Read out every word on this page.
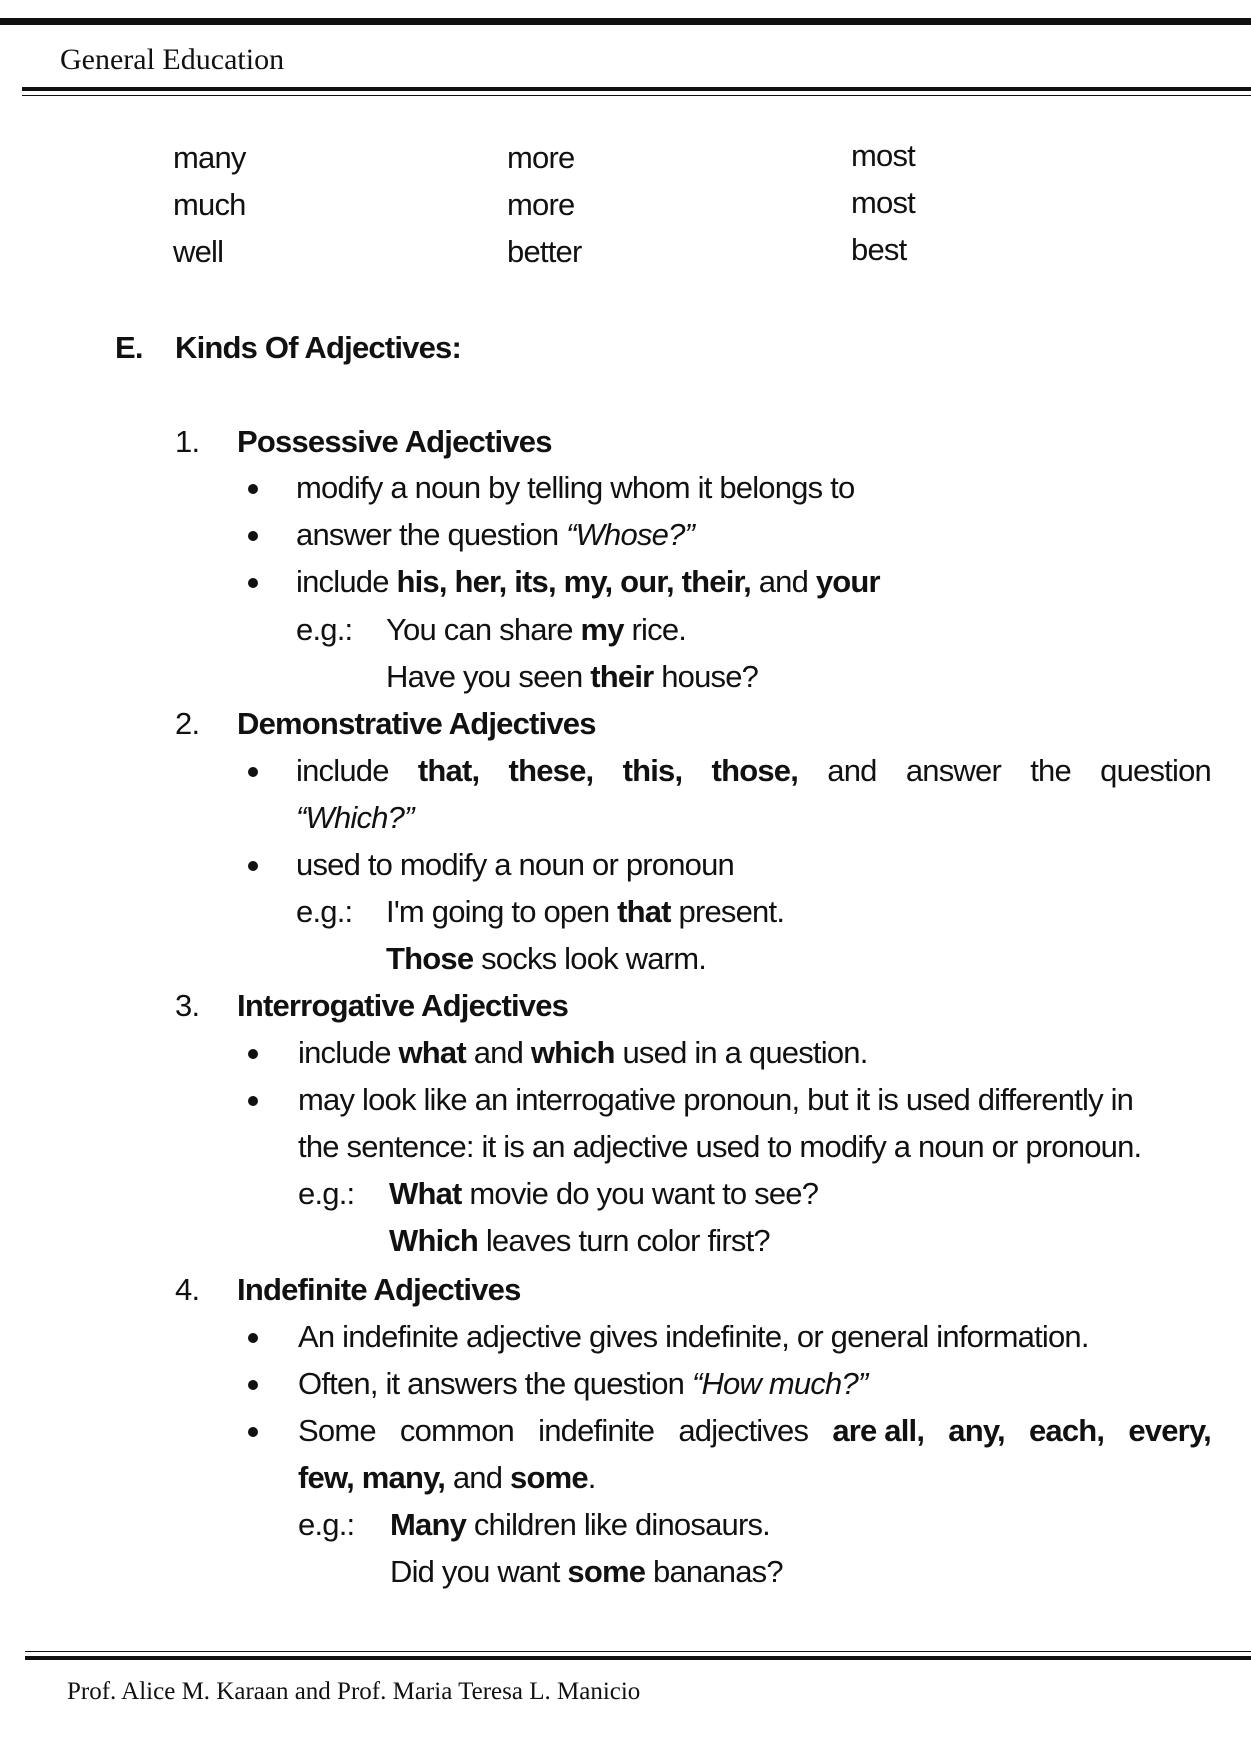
General Education
many	more	most
much	more	most
well	better	best
E. Kinds Of Adjectives:
1. Possessive Adjectives
modify a noun by telling whom it belongs to
answer the question “Whose?”
include his, her, its, my, our, their, and your
e.g.: You can share my rice.
Have you seen their house?
2. Demonstrative Adjectives
include that, these, this, those, and answer the question
“Which?”
used to modify a noun or pronoun
e.g.: I'm going to open that present.
Those socks look warm.
3. Interrogative Adjectives
include what and which used in a question.
may look like an interrogative pronoun, but it is used differently in
the sentence: it is an adjective used to modify a noun or pronoun.
e.g.: What movie do you want to see?
Which leaves turn color first?
4. Indefinite Adjectives
An indefinite adjective gives indefinite, or general information.
Often, it answers the question “How much?”
Some common indefinite adjectives are all, any, each, every,
few, many, and some.
e.g.: Many children like dinosaurs.
Did you want some bananas?
Prof. Alice M. Karaan and Prof. Maria Teresa L. Manicio
